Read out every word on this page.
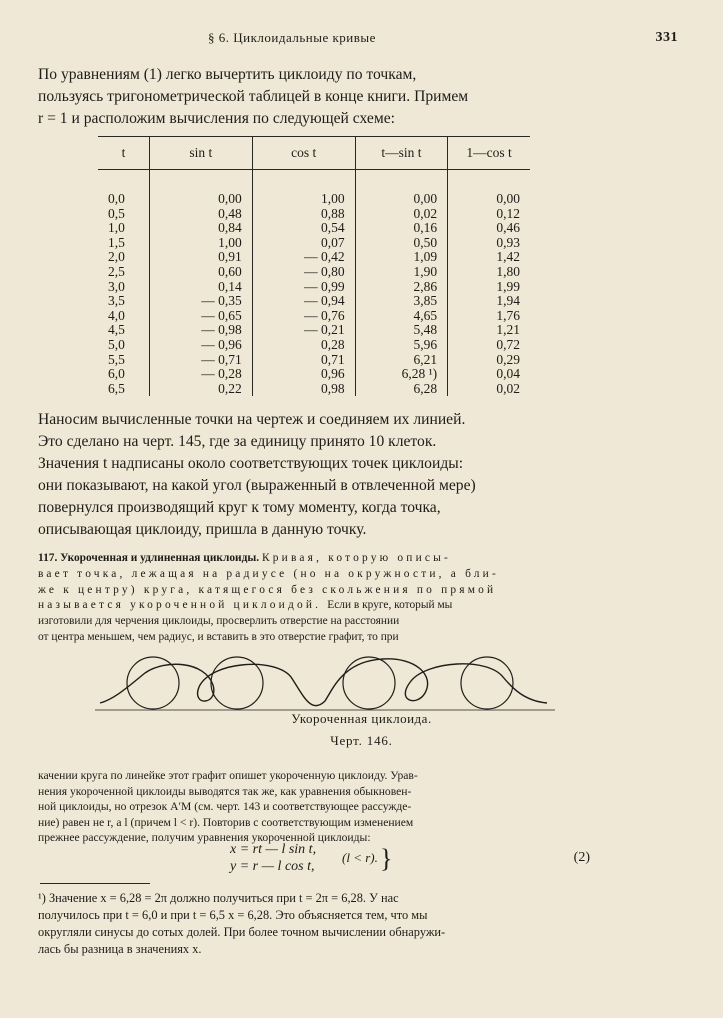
§ 6. Циклоидальные кривые	331
По уравнениям (1) легко вычертить циклоиду по точкам,
пользуясь тригонометрической таблицей в конце книги. Примем
r = 1 и расположим вычисления по следующей схеме:
t	sin t	cos t	t—sin t	1—cos t

0,0	0,00	1,00	0,00	0,00
0,5	0,48	0,88	0,02	0,12
1,0	0,84	0,54	0,16	0,46
1,5	1,00	0,07	0,50	0,93
2,0	0,91	— 0,42	1,09	1,42
2,5	0,60	— 0,80	1,90	1,80
3,0	0,14	— 0,99	2,86	1,99
3,5	— 0,35	— 0,94	3,85	1,94
4,0	— 0,65	— 0,76	4,65	1,76
4,5	— 0,98	— 0,21	5,48	1,21
5,0	— 0,96	0,28	5,96	0,72
5,5	— 0,71	0,71	6,21	0,29
6,0	— 0,28	0,96	6,28 ¹)	0,04
6,5	0,22	0,98	6,28	0,02
Наносим вычисленные точки на чертеж и соединяем их линией.
Это сделано на черт. 145, где за единицу принято 10 клеток.
Значения t надписаны около соответствующих точек циклоиды:
они показывают, на какой угол (выраженный в отвлеченной мере)
повернулся производящий круг к тому моменту, когда точка,
описывающая циклоиду, пришла в данную точку.
117. Укороченная и удлиненная циклоиды. Кривая, которую описы-
вает точка, лежащая на радиусе (но на окружности, а бли-
же к центру) круга, катящегося без скольжения по прямой
называется укороченной циклоидой. Если в круге, который мы
изготовили для черчения циклоиды, просверлить отверстие на расстоянии
от центра меньшем, чем радиус, и вставить в это отверстие графит, то при
Укороченная циклоида.
Черт. 146.
качении круга по линейке этот графит опишет укороченную циклоиду. Урав-
нения укороченной циклоиды выводятся так же, как уравнения обыкновен-
ной циклоиды, но отрезок A′M (см. черт. 143 и соответствующее рассужде-
ние) равен не r, а l (причем l < r). Повторив с соответствующим изменением
прежнее рассуждение, получим уравнения укороченной циклоиды:
x = rt — l sin t,
y = r — l cos t,
(l < r). }	(2)
¹) Значение x = 6,28 = 2π должно получиться при t = 2π = 6,28. У нас
получилось при t = 6,0 и при t = 6,5 x = 6,28. Это объясняется тем, что мы
округляли синусы до сотых долей. При более точном вычислении обнаружи-
лась бы разница в значениях x.
